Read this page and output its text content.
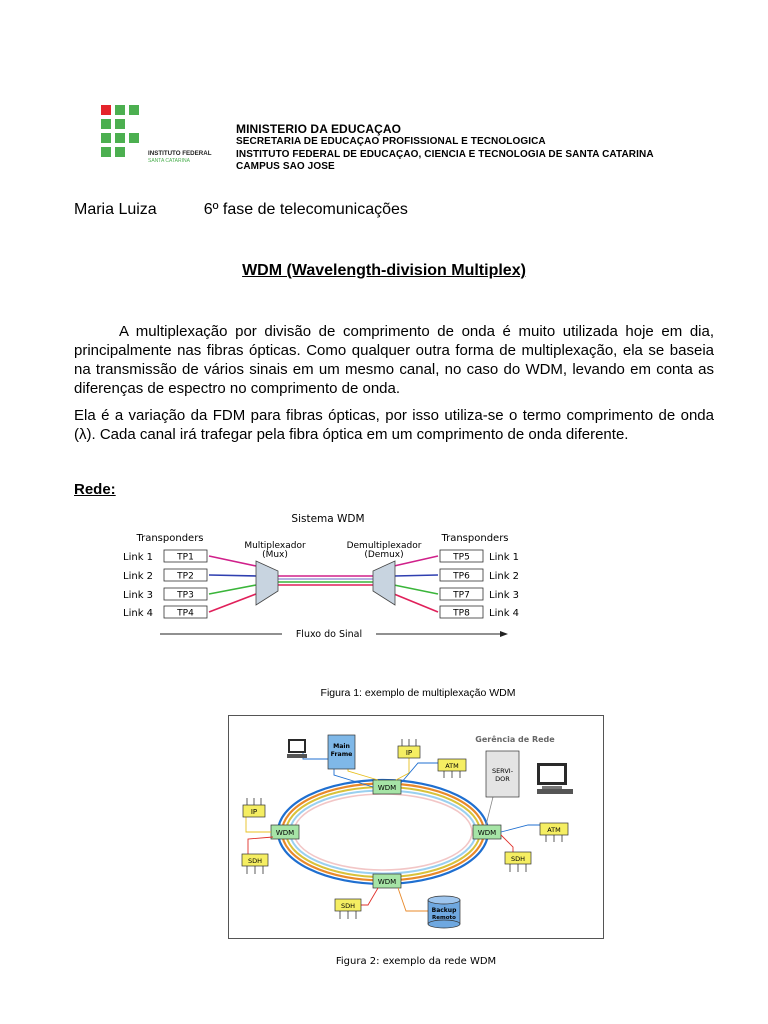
INSTITUTO FEDERAL
SANTA CATARINA
MINISTERIO DA EDUCAÇAO
SECRETARIA DE EDUCAÇAO PROFISSIONAL E TECNOLOGICA
INSTITUTO FEDERAL DE EDUCAÇAO, CIENCIA E TECNOLOGIA DE SANTA CATARINA
CAMPUS SAO JOSE
Maria Luiza	6º fase de telecomunicações
WDM (Wavelength-division Multiplex)

A multiplexação por divisão de comprimento de onda é muito utilizada hoje em dia, principalmente nas fibras ópticas. Como qualquer outra forma de multiplexação, ela se baseia na transmissão de vários sinais em um mesmo canal, no caso do WDM, levando em conta as diferenças de espectro no comprimento de onda.

Ela é a variação da FDM para fibras ópticas, por isso utiliza-se o termo comprimento de onda (λ). Cada canal irá trafegar pela fibra óptica em um comprimento de onda diferente.

Rede:
Sistema WDM
Transponders	Transponders
Multiplexador
(Mux)
Demultiplexador
(Demux)
Link 1	TP1
Link 2	TP2
Link 3	TP3
Link 4	TP4
TP5 Link 1
TP6 Link 2
TP7 Link 3
TP8 Link 4
Fluxo do Sinal
Figura 1: exemplo de multiplexação WDM
WDM
WDM	WDM
WDM
Main
Frame	IP
ATM
IP
SDH
ATM
SDH
SDH
Backup
Remoto
Gerência de Rede
SERVI-
DOR
Figura 2: exemplo da rede WDM
